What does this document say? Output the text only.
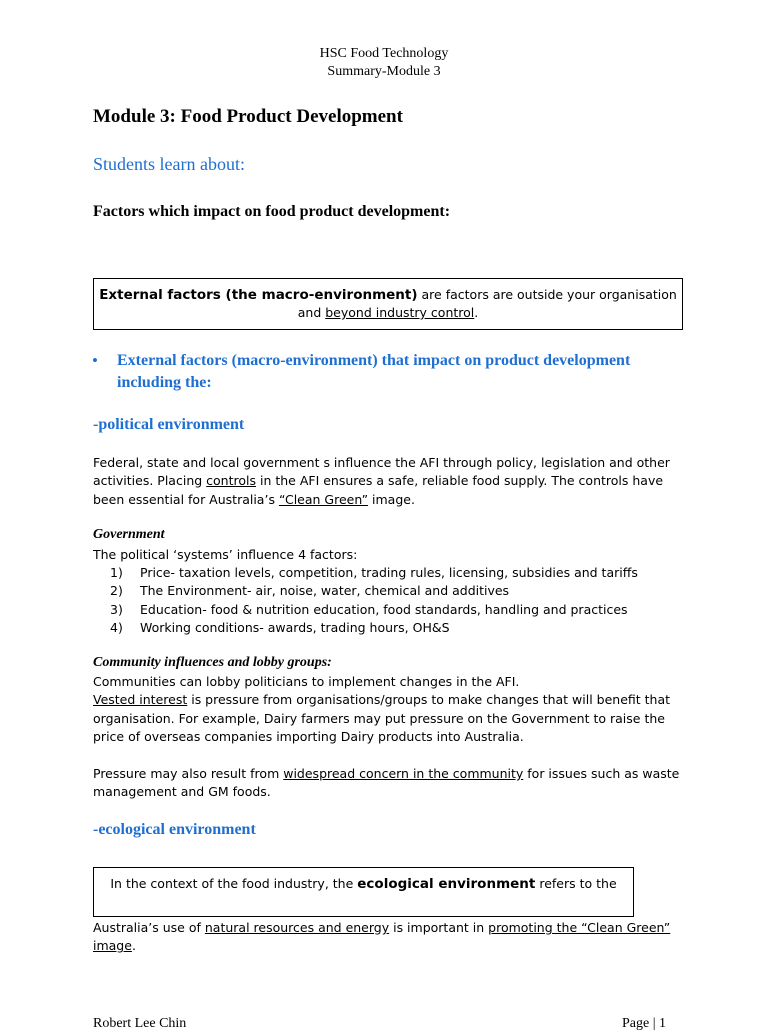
HSC Food Technology
Summary-Module 3
Module 3: Food Product Development
Students learn about:
Factors which impact on food product development:
External factors (the macro-environment) are factors are outside your organisation
and beyond industry control.
• External factors (macro-environment) that impact on product development including the:
-political environment
Federal, state and local government s influence the AFI through policy, legislation and other activities. Placing controls in the AFI ensures a safe, reliable food supply. The controls have been essential for Australia’s “Clean Green” image.
Government
The political ‘systems’ influence 4 factors:
1)	Price- taxation levels, competition, trading rules, licensing, subsidies and tariffs
2)	The Environment- air, noise, water, chemical and additives
3)	Education- food & nutrition education, food standards, handling and practices
4)	Working conditions- awards, trading hours, OH&S
Community influences and lobby groups:
Communities can lobby politicians to implement changes in the AFI.
Vested interest is pressure from organisations/groups to make changes that will benefit that organisation. For example, Dairy farmers may put pressure on the Government to raise the price of overseas companies importing Dairy products into Australia.
Pressure may also result from widespread concern in the community for issues such as waste management and GM foods.
-ecological environment
In the context of the food industry, the ecological environment refers to the
Australia’s use of natural resources and energy is important in promoting the “Clean Green” image.
Robert Lee Chin	Page | 1
